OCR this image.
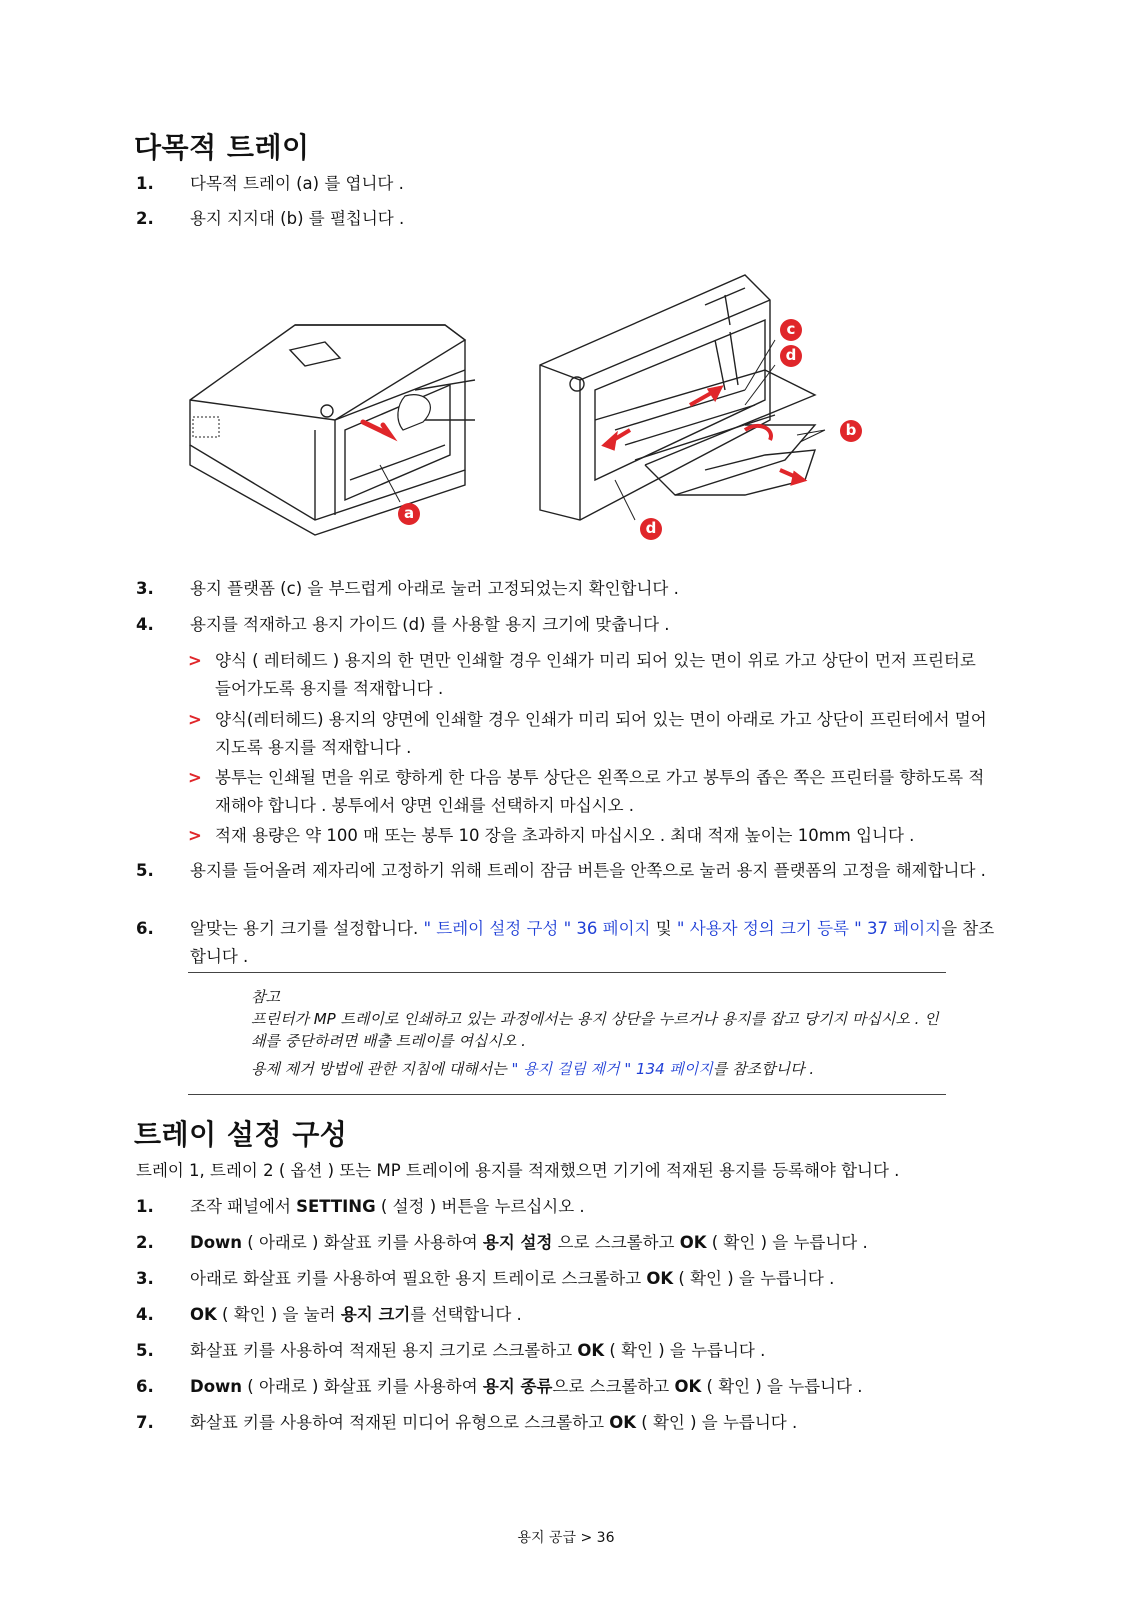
다목적 트레이
1. 다목적 트레이 (a) 를 엽니다 .
2. 용지 지지대 (b) 를 펼칩니다 .
a
c
d
b
d
3. 용지 플랫폼 (c) 을 부드럽게 아래로 눌러 고정되었는지 확인합니다 .
4. 용지를 적재하고 용지 가이드 (d) 를 사용할 용지 크기에 맞춥니다 .
> 양식 ( 레터헤드 ) 용지의 한 면만 인쇄할 경우 인쇄가 미리 되어 있는 면이 위로 가고 상단이 먼저 프린터로 들어가도록 용지를 적재합니다 .
> 양식(레터헤드) 용지의 양면에 인쇄할 경우 인쇄가 미리 되어 있는 면이 아래로 가고 상단이 프린터에서 멀어지도록 용지를 적재합니다 .
> 봉투는 인쇄될 면을 위로 향하게 한 다음 봉투 상단은 왼쪽으로 가고 봉투의 좁은 쪽은 프린터를 향하도록 적재해야 합니다 . 봉투에서 양면 인쇄를 선택하지 마십시오 .
> 적재 용량은 약 100 매 또는 봉투 10 장을 초과하지 마십시오 . 최대 적재 높이는 10mm 입니다 .
5. 용지를 들어올려 제자리에 고정하기 위해 트레이 잠금 버튼을 안쪽으로 눌러 용지 플랫폼의 고정을 해제합니다 .
6. 알맞는 용기 크기를 설정합니다. " 트레이 설정 구성 " 36 페이지 및 " 사용자 정의 크기 등록 " 37 페이지을 참조합니다 .
참고
프린터가 MP 트레이로 인쇄하고 있는 과정에서는 용지 상단을 누르거나 용지를 잡고 당기지 마십시오 . 인쇄를 중단하려면 배출 트레이를 여십시오 .
용제 제거 방법에 관한 지침에 대해서는 " 용지 걸림 제거 " 134 페이지를 참조합니다 .
트레이 설정 구성
트레이 1, 트레이 2 ( 옵션 ) 또는 MP 트레이에 용지를 적재했으면 기기에 적재된 용지를 등록해야 합니다 .
1. 조작 패널에서 SETTING ( 설정 ) 버튼을 누르십시오 .
2. Down ( 아래로 ) 화살표 키를 사용하여 용지 설정 으로 스크롤하고 OK ( 확인 ) 을 누릅니다 .
3. 아래로 화살표 키를 사용하여 필요한 용지 트레이로 스크롤하고 OK ( 확인 ) 을 누릅니다 .
4. OK ( 확인 ) 을 눌러 용지 크기를 선택합니다 .
5. 화살표 키를 사용하여 적재된 용지 크기로 스크롤하고 OK ( 확인 ) 을 누릅니다 .
6. Down ( 아래로 ) 화살표 키를 사용하여 용지 종류으로 스크롤하고 OK ( 확인 ) 을 누릅니다 .
7. 화살표 키를 사용하여 적재된 미디어 유형으로 스크롤하고 OK ( 확인 ) 을 누릅니다 .
용지 공급 > 36
